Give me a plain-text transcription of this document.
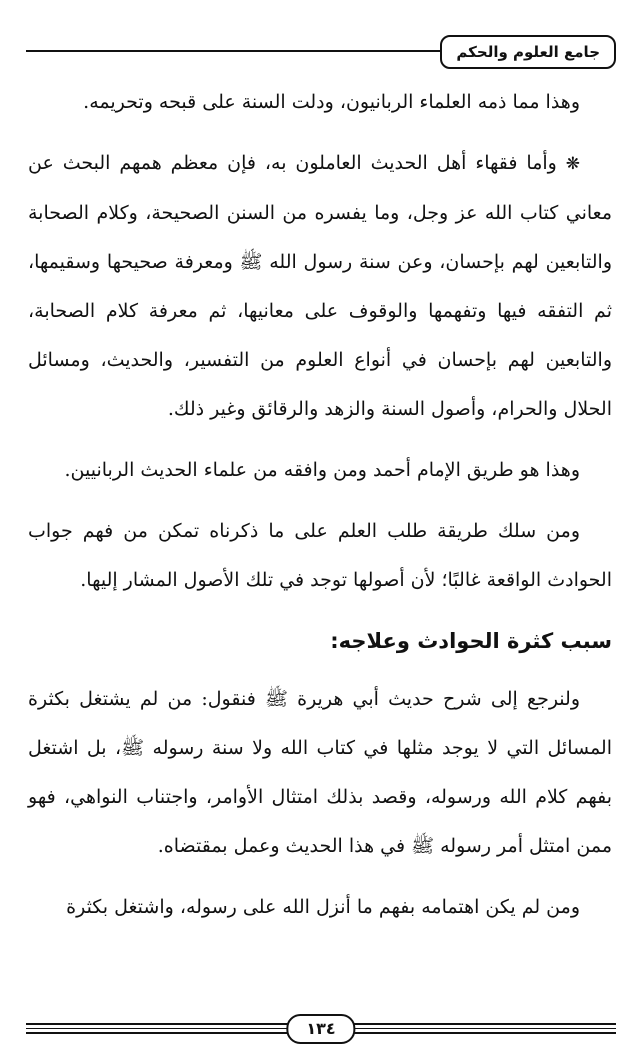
جامع العلوم والحكم

وهذا مما ذمه العلماء الربانيون، ودلت السنة على قبحه وتحريمه.

❋ وأما فقهاء أهل الحديث العاملون به، فإن معظم همهم البحث عن معاني كتاب الله عز وجل، وما يفسره من السنن الصحيحة، وكلام الصحابة والتابعين لهم بإحسان، وعن سنة رسول الله ﷺ ومعرفة صحيحها وسقيمها، ثم التفقه فيها وتفهمها والوقوف على معانيها، ثم معرفة كلام الصحابة، والتابعين لهم بإحسان في أنواع العلوم من التفسير، والحديث، ومسائل الحلال والحرام، وأصول السنة والزهد والرقائق وغير ذلك.

وهذا هو طريق الإمام أحمد ومن وافقه من علماء الحديث الربانيين.

ومن سلك طريقة طلب العلم على ما ذكرناه تمكن من فهم جواب الحوادث الواقعة غالبًا؛ لأن أصولها توجد في تلك الأصول المشار إليها.

سبب كثرة الحوادث وعلاجه:

ولنرجع إلى شرح حديث أبي هريرة ﷺ فنقول: من لم يشتغل بكثرة المسائل التي لا يوجد مثلها في كتاب الله ولا سنة رسوله ﷺ، بل اشتغل بفهم كلام الله ورسوله، وقصد بذلك امتثال الأوامر، واجتناب النواهي، فهو ممن امتثل أمر رسوله ﷺ في هذا الحديث وعمل بمقتضاه.

ومن لم يكن اهتمامه بفهم ما أنزل الله على رسوله، واشتغل بكثرة

١٣٤
